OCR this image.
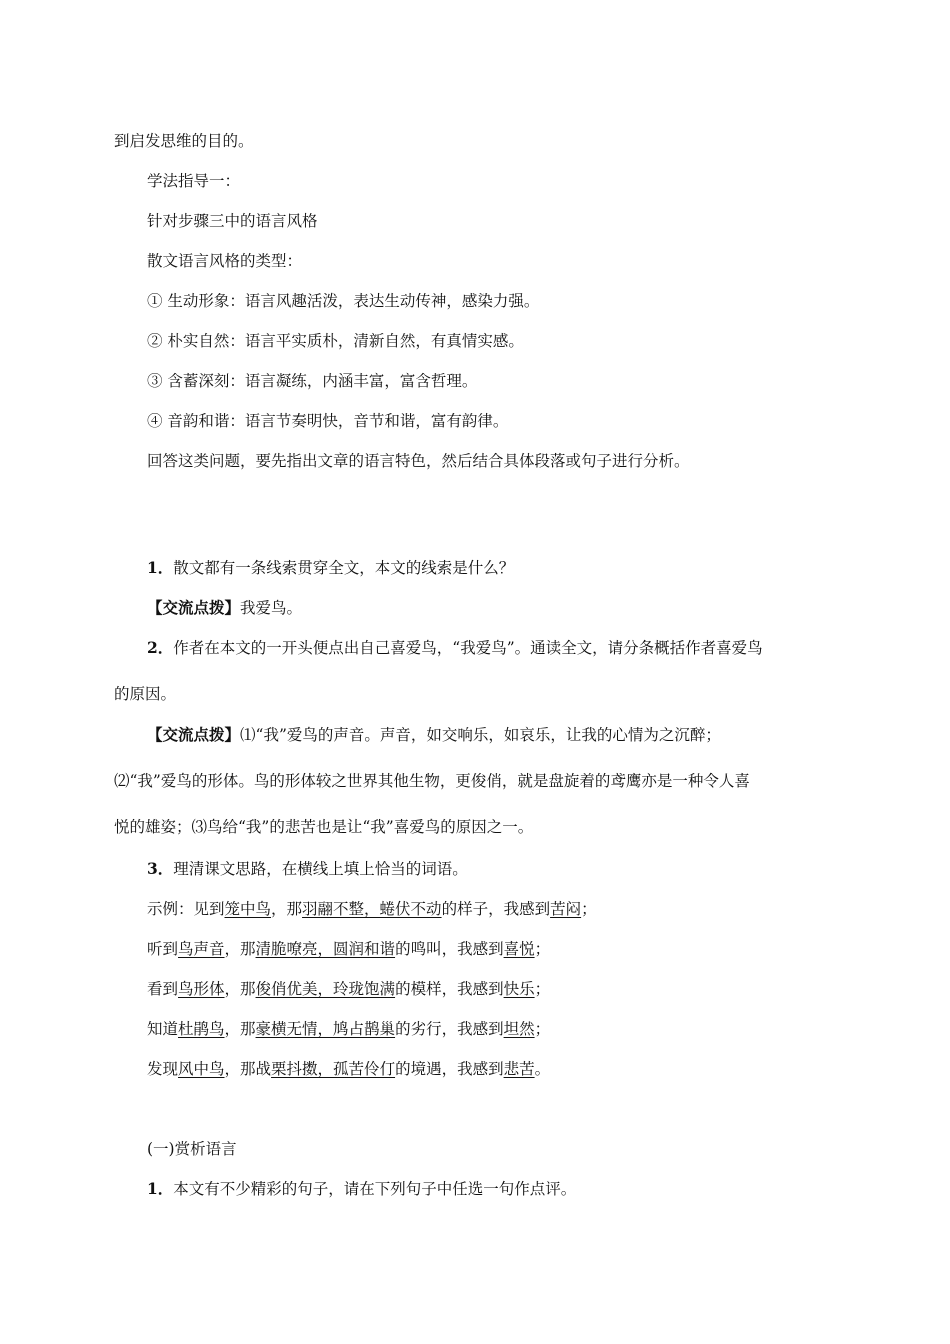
到启发思维的目的。
学法指导一：
针对步骤三中的语言风格
散文语言风格的类型：
① 生动形象：语言风趣活泼，表达生动传神，感染力强。
② 朴实自然：语言平实质朴，清新自然，有真情实感。
③ 含蓄深刻：语言凝练，内涵丰富，富含哲理。
④ 音韵和谐：语言节奏明快，音节和谐，富有韵律。
回答这类问题，要先指出文章的语言特色，然后结合具体段落或句子进行分析。
1．散文都有一条线索贯穿全文，本文的线索是什么？
【交流点拨】我爱鸟。
2．作者在本文的一开头便点出自己喜爱鸟，“我爱鸟”。通读全文，请分条概括作者喜爱鸟
的原因。
【交流点拨】⑴“我”爱鸟的声音。声音，如交响乐，如哀乐，让我的心情为之沉醉；
⑵“我”爱鸟的形体。鸟的形体较之世界其他生物，更俊俏，就是盘旋着的鸢鹰亦是一种令人喜
悦的雄姿；⑶鸟给“我”的悲苦也是让“我”喜爱鸟的原因之一。
3．理清课文思路，在横线上填上恰当的词语。
示例：见到笼中鸟，那羽翮不整，蜷伏不动的样子，我感到苦闷；
听到鸟声音，那清脆嘹亮，圆润和谐的鸣叫，我感到喜悦；
看到鸟形体，那俊俏优美，玲珑饱满的模样，我感到快乐；
知道杜鹃鸟，那豪横无情，鸠占鹊巢的劣行，我感到坦然；
发现风中鸟，那战栗抖擞，孤苦伶仃的境遇，我感到悲苦。
(一)赏析语言
1．本文有不少精彩的句子，请在下列句子中任选一句作点评。
